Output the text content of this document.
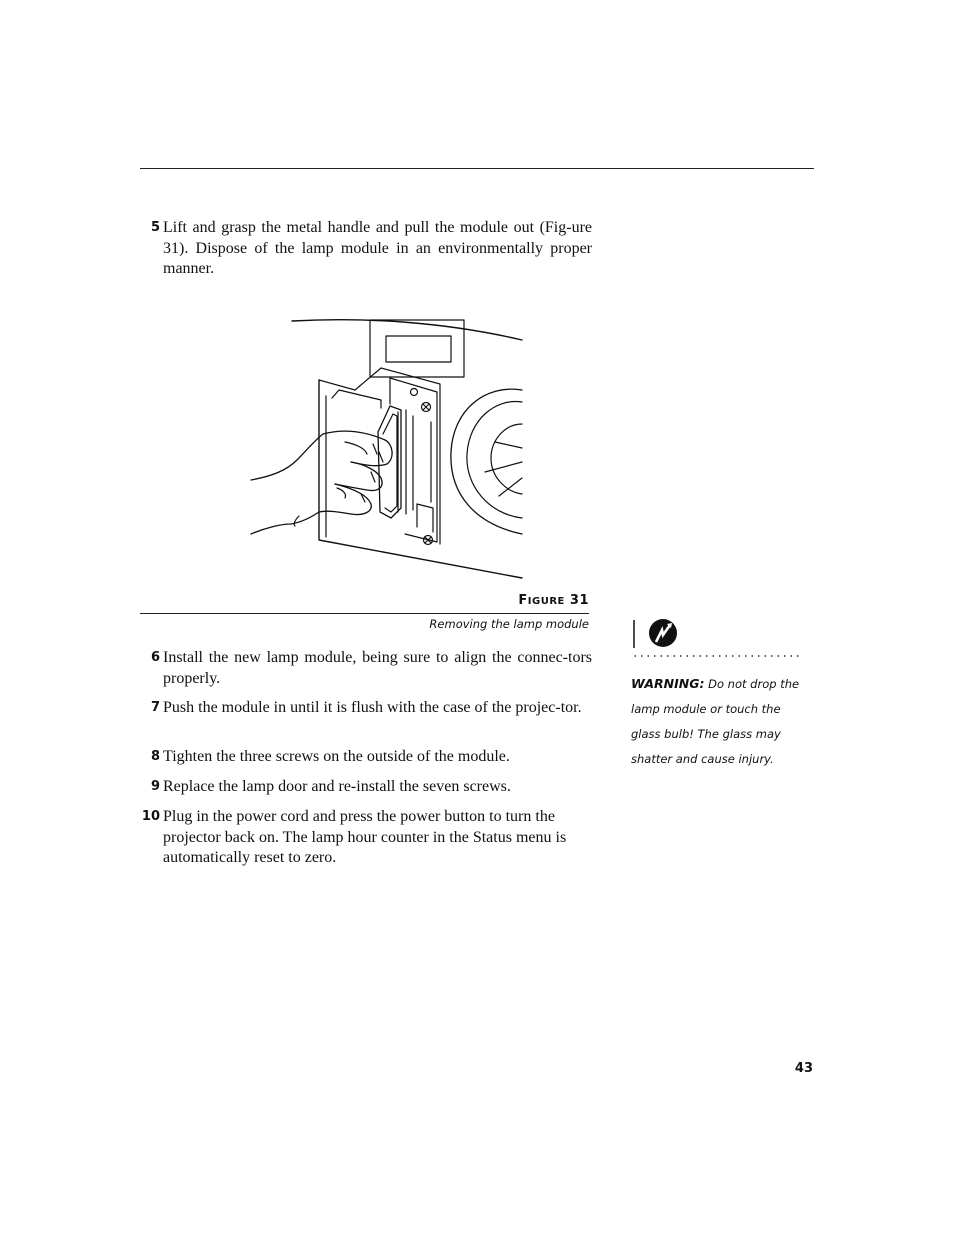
5 Lift and grasp the metal handle and pull the module out (Fig-ure 31). Dispose of the lamp module in an environmentally proper manner.
FIGURE 31
Removing the lamp module
6 Install the new lamp module, being sure to align the connec-tors properly.
7 Push the module in until it is flush with the case of the projec-tor.
8 Tighten the three screws on the outside of the module.
9 Replace the lamp door and re-install the seven screws.
10 Plug in the power cord and press the power button to turn the projector back on. The lamp hour counter in the Status menu is automatically reset to zero.
WARNING: Do not drop the lamp module or touch the glass bulb! The glass may shatter and cause injury.
43
